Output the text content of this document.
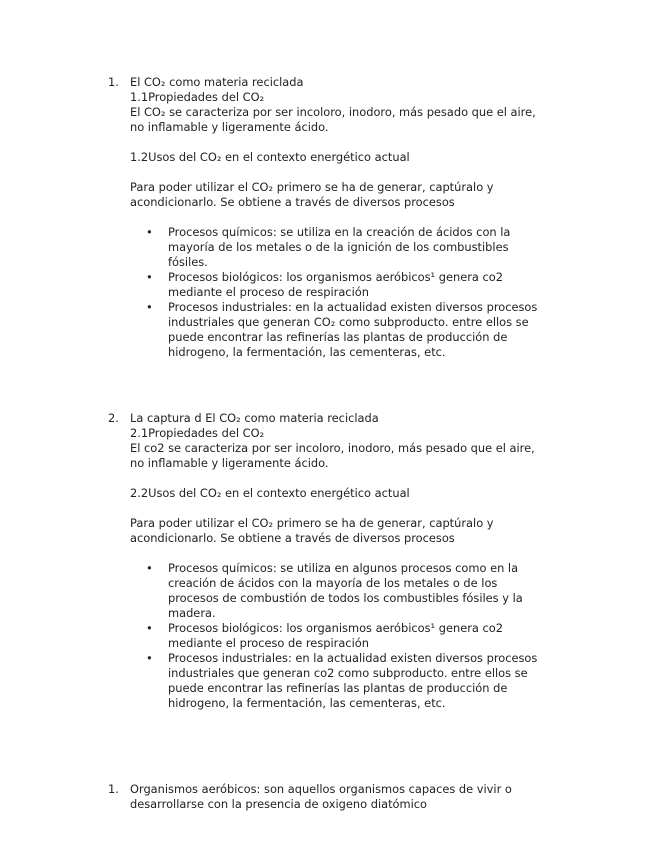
1. El CO₂ como materia reciclada
1.1Propiedades del CO₂
El CO₂ se caracteriza por ser incoloro, inodoro, más pesado que el aire,
no inflamable y ligeramente ácido.
1.2Usos del CO₂ en el contexto energético actual
Para poder utilizar el CO₂ primero se ha de generar, captúralo y
acondicionarlo. Se obtiene a través de diversos procesos
• Procesos químicos: se utiliza en la creación de ácidos con la
mayoría de los metales o de la ignición de los combustibles
fósiles.
• Procesos biológicos: los organismos aeróbicos¹ genera co2
mediante el proceso de respiración
• Procesos industriales: en la actualidad existen diversos procesos
industriales que generan CO₂ como subproducto. entre ellos se
puede encontrar las refinerías las plantas de producción de
hidrogeno, la fermentación, las cementeras, etc.
2. La captura d El CO₂ como materia reciclada
2.1Propiedades del CO₂
El co2 se caracteriza por ser incoloro, inodoro, más pesado que el aire,
no inflamable y ligeramente ácido.
2.2Usos del CO₂ en el contexto energético actual
Para poder utilizar el CO₂ primero se ha de generar, captúralo y
acondicionarlo. Se obtiene a través de diversos procesos
• Procesos químicos: se utiliza en algunos procesos como en la
creación de ácidos con la mayoría de los metales o de los
procesos de combustión de todos los combustibles fósiles y la
madera.
• Procesos biológicos: los organismos aeróbicos¹ genera co2
mediante el proceso de respiración
• Procesos industriales: en la actualidad existen diversos procesos
industriales que generan co2 como subproducto. entre ellos se
puede encontrar las refinerías las plantas de producción de
hidrogeno, la fermentación, las cementeras, etc.
1. Organismos aeróbicos: son aquellos organismos capaces de vivir o
desarrollarse con la presencia de oxigeno diatómico
